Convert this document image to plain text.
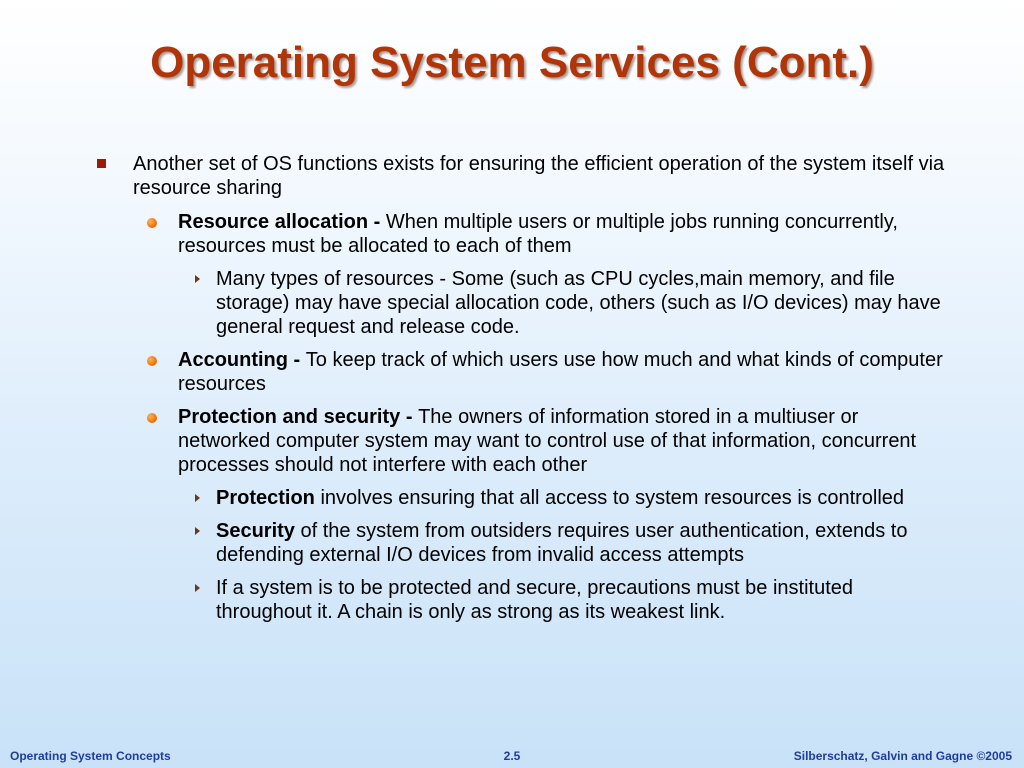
Operating System Services (Cont.)
Another set of OS functions exists for ensuring the efficient operation of the system itself via resource sharing
Resource allocation - When multiple users or multiple jobs running concurrently, resources must be allocated to each of them
Many types of resources - Some (such as CPU cycles,main memory, and file storage) may have special allocation code, others (such as I/O devices) may have general request and release code.
Accounting - To keep track of which users use how much and what kinds of computer resources
Protection and security - The owners of information stored in a multiuser or networked computer system may want to control use of that information, concurrent processes should not interfere with each other
Protection involves ensuring that all access to system resources is controlled
Security of the system from outsiders requires user authentication, extends to defending external I/O devices from invalid access attempts
If a system is to be protected and secure, precautions must be instituted throughout it. A chain is only as strong as its weakest link.
Operating System Concepts	2.5	Silberschatz, Galvin and Gagne ©2005
